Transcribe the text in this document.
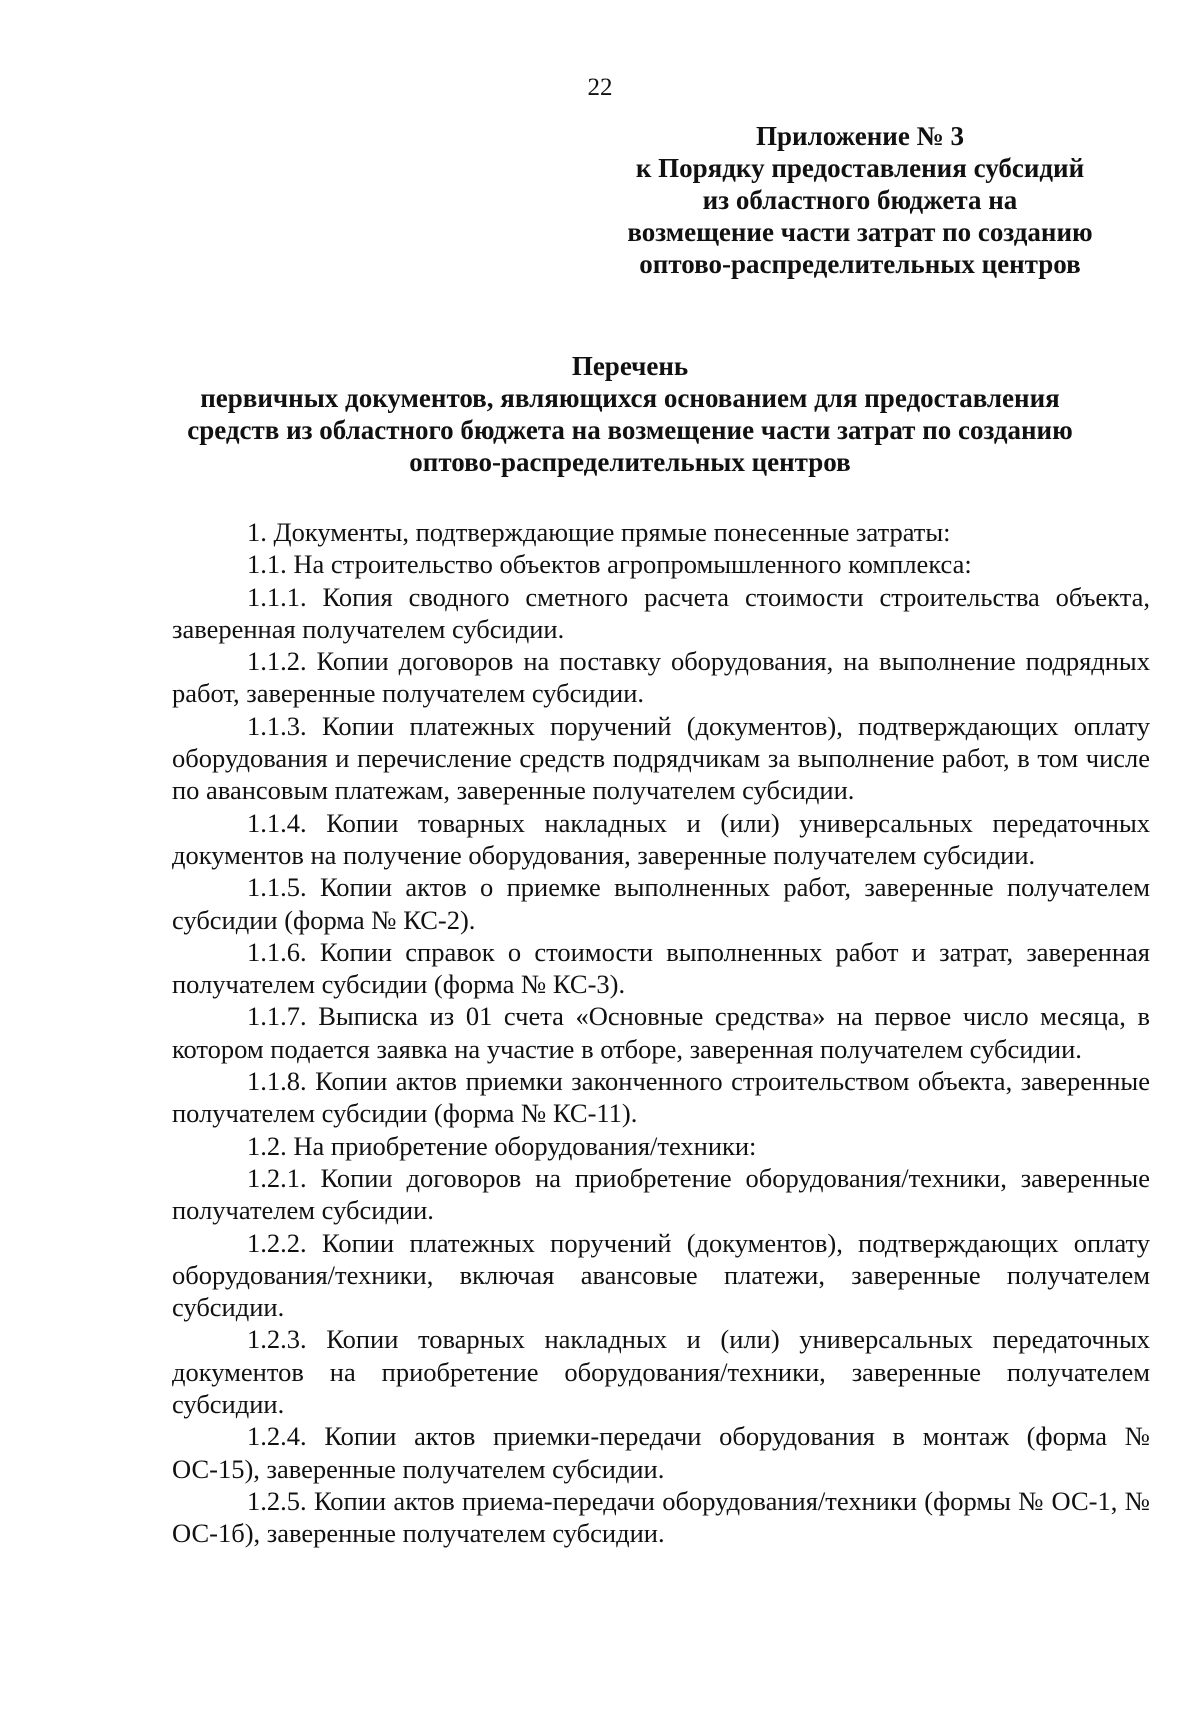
22
Приложение № 3
к Порядку предоставления субсидий
из областного бюджета на
возмещение части затрат по созданию
оптово-распределительных центров
Перечень
первичных документов, являющихся основанием для предоставления
средств из областного бюджета на возмещение части затрат по созданию
оптово-распределительных центров

1. Документы, подтверждающие прямые понесенные затраты:

1.1. На строительство объектов агропромышленного комплекса:

1.1.1. Копия сводного сметного расчета стоимости строительства объекта, заверенная получателем субсидии.

1.1.2. Копии договоров на поставку оборудования, на выполнение подрядных работ, заверенные получателем субсидии.

1.1.3. Копии платежных поручений (документов), подтверждающих оплату оборудования и перечисление средств подрядчикам за выполнение работ, в том числе по авансовым платежам, заверенные получателем субсидии.

1.1.4. Копии товарных накладных и (или) универсальных передаточных документов на получение оборудования, заверенные получателем субсидии.

1.1.5. Копии актов о приемке выполненных работ, заверенные получателем субсидии (форма № КС-2).

1.1.6. Копии справок о стоимости выполненных работ и затрат, заверенная получателем субсидии (форма № КС-3).

1.1.7. Выписка из 01 счета «Основные средства» на первое число месяца, в котором подается заявка на участие в отборе, заверенная получателем субсидии.

1.1.8. Копии актов приемки законченного строительством объекта, заверенные получателем субсидии (форма № КС-11).

1.2. На приобретение оборудования/техники:

1.2.1. Копии договоров на приобретение оборудования/техники, заверенные получателем субсидии.

1.2.2. Копии платежных поручений (документов), подтверждающих оплату оборудования/техники, включая авансовые платежи, заверенные получателем субсидии.

1.2.3. Копии товарных накладных и (или) универсальных передаточных документов на приобретение оборудования/техники, заверенные получателем субсидии.

1.2.4. Копии актов приемки-передачи оборудования в монтаж (форма № ОС-15), заверенные получателем субсидии.

1.2.5. Копии актов приема-передачи оборудования/техники (формы № ОС-1, № ОС-1б), заверенные получателем субсидии.
